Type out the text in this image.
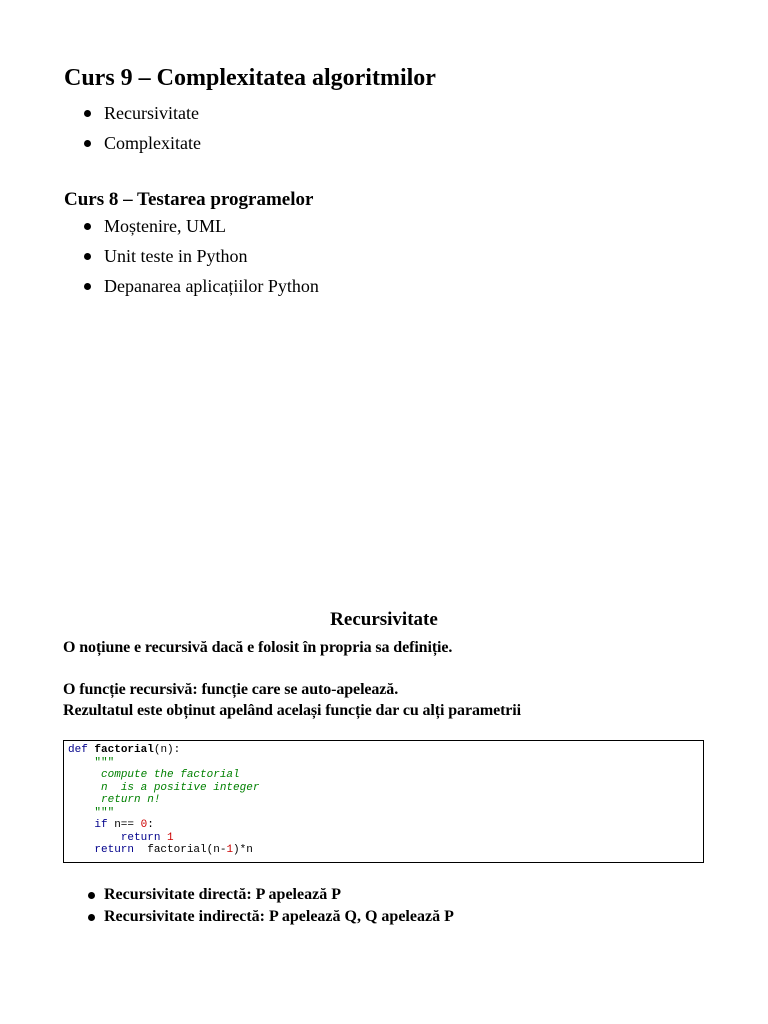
Curs 9 – Complexitatea algoritmilor
Recursivitate
Complexitate
Curs 8 – Testarea programelor
Moștenire, UML
Unit teste in Python
Depanarea aplicațiilor Python
Recursivitate

O noțiune e recursivă dacă e folosit în propria sa definiție.

O funcție recursivă: funcție care se auto-apelează.

Rezultatul este obținut apelând același funcție dar cu alți parametrii

def factorial(n):
"""
compute the factorial
n  is a positive integer
return n!
"""
if n== 0:
return 1
return  factorial(n-1)*n
Recursivitate directă: P apelează P
Recursivitate indirectă: P apelează Q, Q apelează P
